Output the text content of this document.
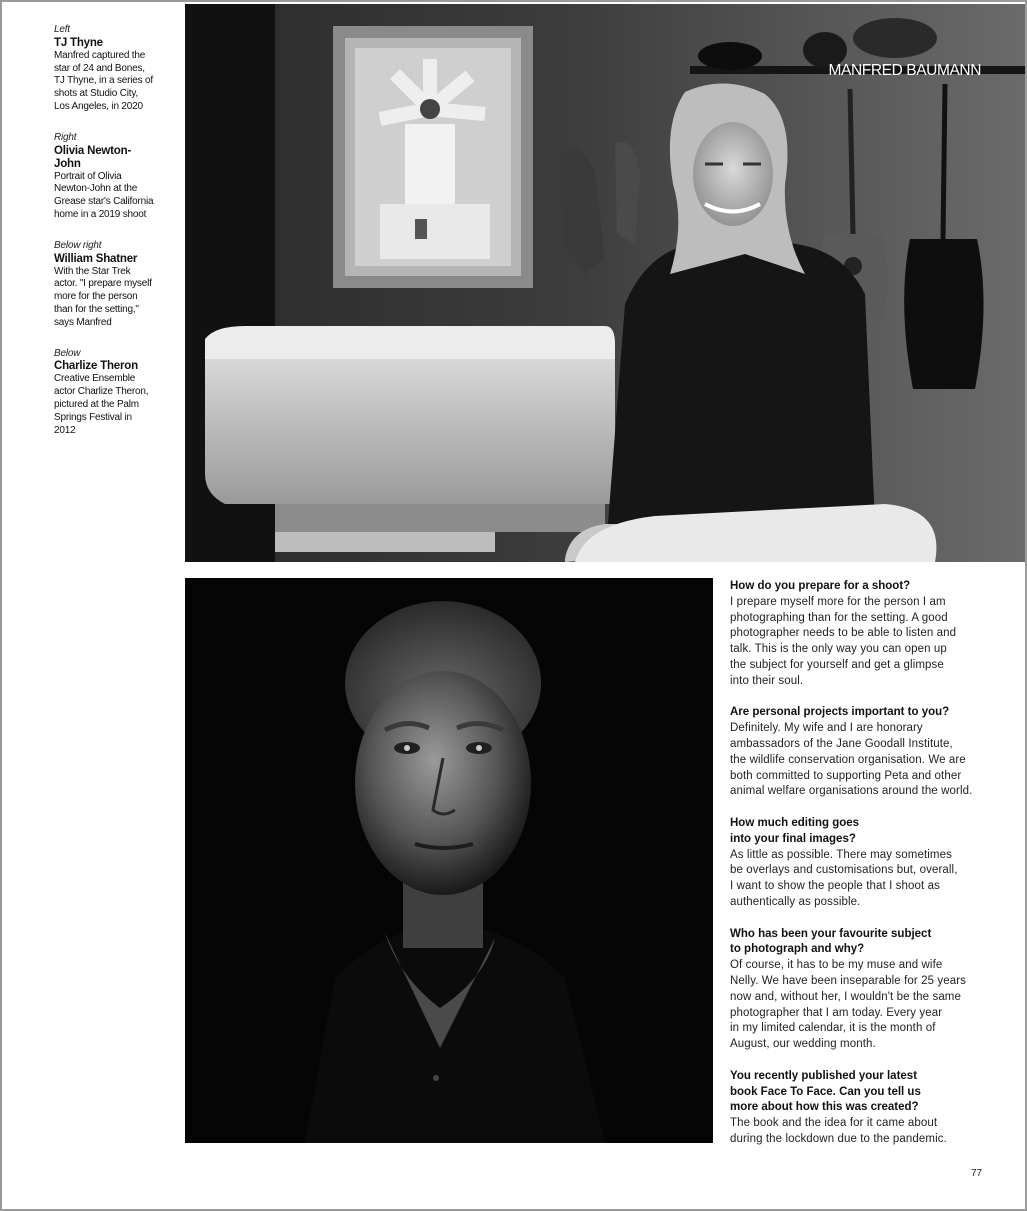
Left
TJ Thyne
Manfred captured the star of 24 and Bones, TJ Thyne, in a series of shots at Studio City, Los Angeles, in 2020
Right
Olivia Newton-John
Portrait of Olivia Newton-John at the Grease star's California home in a 2019 shoot
Below right
William Shatner
With the Star Trek actor. "I prepare myself more for the person than for the setting," says Manfred
Below
Charlize Theron
Creative Ensemble actor Charlize Theron, pictured at the Palm Springs Festival in 2012
MANFRED BAUMANN
How do you prepare for a shoot?
I prepare myself more for the person I am
photographing than for the setting. A good
photographer needs to be able to listen and
talk. This is the only way you can open up
the subject for yourself and get a glimpse
into their soul.
Are personal projects important to you?
Definitely. My wife and I are honorary
ambassadors of the Jane Goodall Institute,
the wildlife conservation organisation. We are
both committed to supporting Peta and other
animal welfare organisations around the world.
How much editing goes
into your final images?
As little as possible. There may sometimes
be overlays and customisations but, overall,
I want to show the people that I shoot as
authentically as possible.
Who has been your favourite subject
to photograph and why?
Of course, it has to be my muse and wife
Nelly. We have been inseparable for 25 years
now and, without her, I wouldn't be the same
photographer that I am today. Every year
in my limited calendar, it is the month of
August, our wedding month.
You recently published your latest
book Face To Face. Can you tell us
more about how this was created?
The book and the idea for it came about
during the lockdown due to the pandemic.
77
